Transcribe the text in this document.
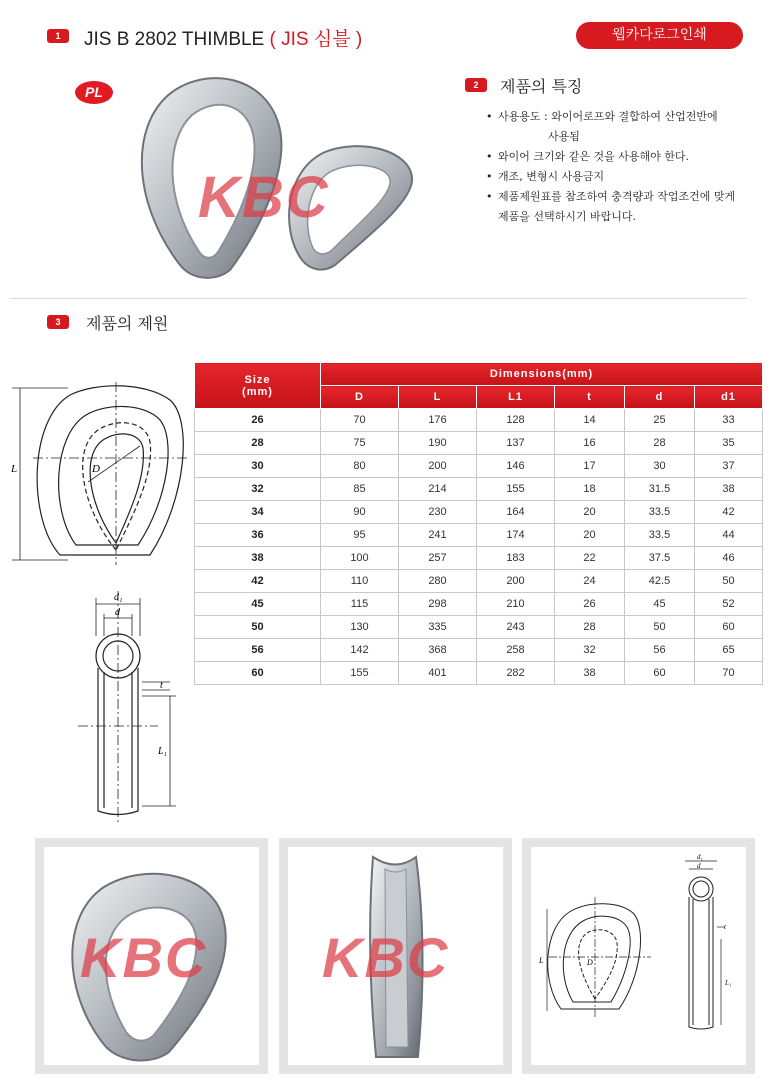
1	JIS B 2802 THIMBLE ( JIS 심블 )	웹카다로그인쇄
PL
KBC
2	제품의 특징
• 사용용도 : 와이어로프와 결합하여 산업전반에
사용됨
• 와이어 크기와 같은 것을 사용해야 한다.
• 개조, 변형시 사용금지
• 제품제원표를 참조하여 충격량과 작업조건에 맞게
제품을 선택하시기 바랍니다.
3	제품의 제원
L	D
d₁
d
t
L₁
Size
(mm)	Dimensions(mm)					
	D	L	L1	t	d	d1
26	70	176	128	14	25	33
28	75	190	137	16	28	35
30	80	200	146	17	30	37
32	85	214	155	18	31.5	38
34	90	230	164	20	33.5	42
36	95	241	174	20	33.5	44
38	100	257	183	22	37.5	46
42	110	280	200	24	42.5	50
45	115	298	210	26	45	52
50	130	335	243	28	50	60
56	142	368	258	32	56	65
60	155	401	282	38	60	70
KBC KBC	L	D
d₁
d
t
L₁
